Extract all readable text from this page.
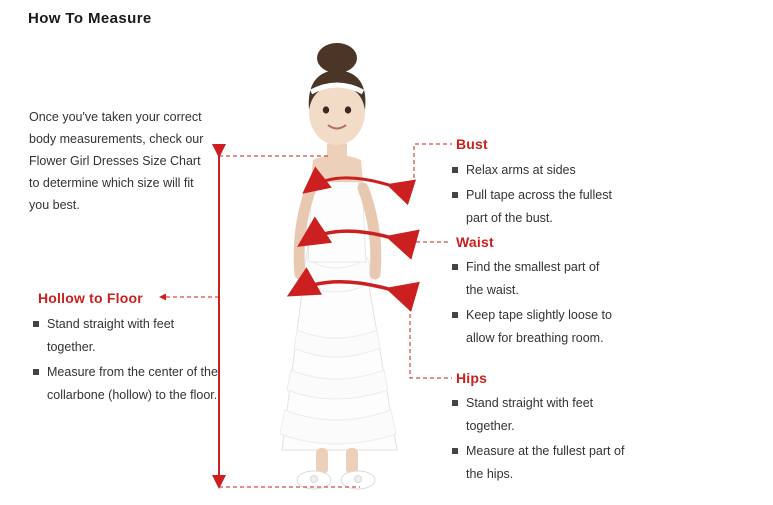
How To Measure
Once you've taken your correct body measurements, check our Flower Girl Dresses Size Chart to determine which size will fit you best.
Bust
Relax arms at sides
Pull tape across the fullest part of the bust.
Waist
Find the smallest part of the waist.
Keep tape slightly loose to allow for breathing room.
Hips
Stand straight with feet together.
Measure at the fullest part of the hips.
Hollow to Floor
Stand straight with feet together.
Measure from the center of the collarbone (hollow) to the floor.
